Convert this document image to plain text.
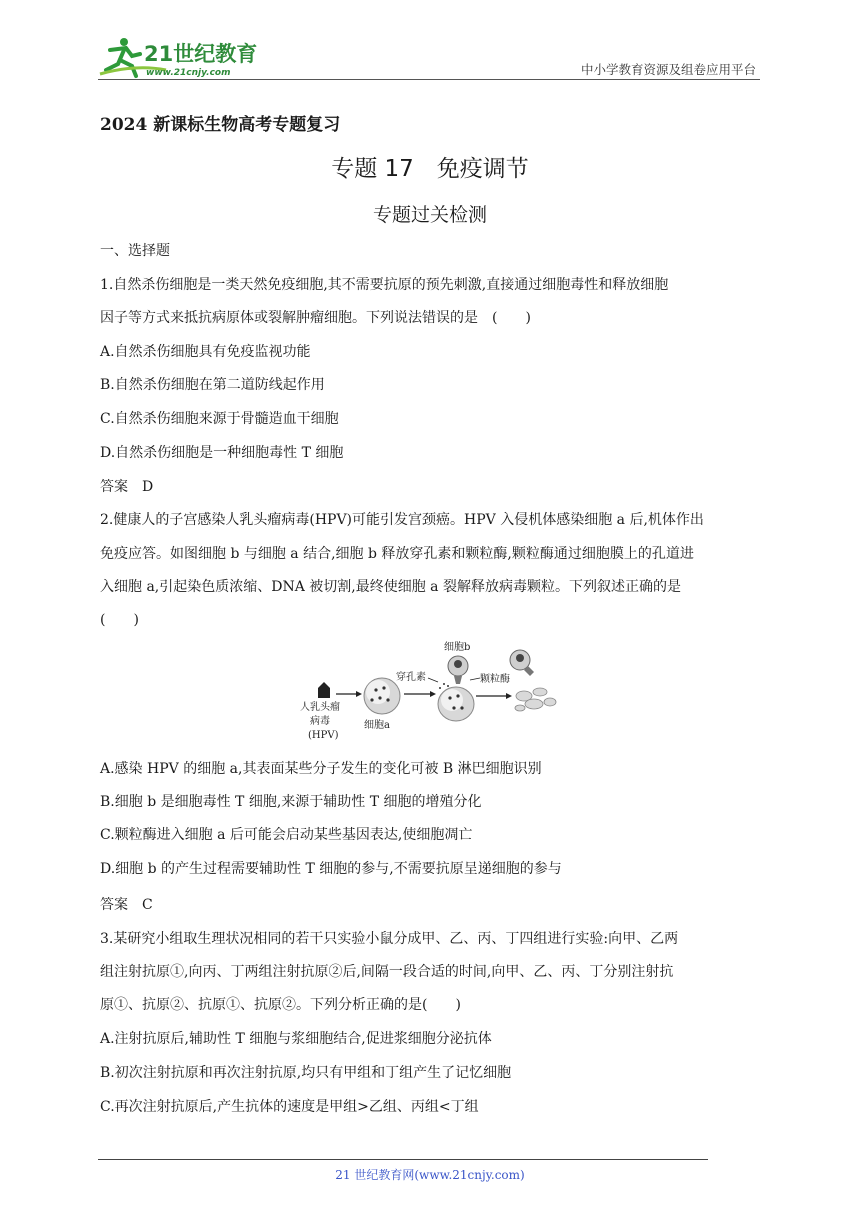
21世纪教育
www.21cnjy.com	中小学教育资源及组卷应用平台
2024 新课标生物高考专题复习
专题 17　免疫调节
专题过关检测
一、选择题
1.自然杀伤细胞是一类天然免疫细胞,其不需要抗原的预先刺激,直接通过细胞毒性和释放细胞
因子等方式来抵抗病原体或裂解肿瘤细胞。下列说法错误的是　(　　)
A.自然杀伤细胞具有免疫监视功能
B.自然杀伤细胞在第二道防线起作用
C.自然杀伤细胞来源于骨髓造血干细胞
D.自然杀伤细胞是一种细胞毒性 T 细胞
答案　D
2.健康人的子宫感染人乳头瘤病毒(HPV)可能引发宫颈癌。HPV 入侵机体感染细胞 a 后,机体作出
免疫应答。如图细胞 b 与细胞 a 结合,细胞 b 释放穿孔素和颗粒酶,颗粒酶通过细胞膜上的孔道进
入细胞 a,引起染色质浓缩、DNA 被切割,最终使细胞 a 裂解释放病毒颗粒。下列叙述正确的是
(　　)
人乳头瘤
病毒
(HPV)
细胞a
穿孔素
细胞b
颗粒酶
A.感染 HPV 的细胞 a,其表面某些分子发生的变化可被 B 淋巴细胞识别
B.细胞 b 是细胞毒性 T 细胞,来源于辅助性 T 细胞的增殖分化
C.颗粒酶进入细胞 a 后可能会启动某些基因表达,使细胞凋亡
D.细胞 b 的产生过程需要辅助性 T 细胞的参与,不需要抗原呈递细胞的参与
答案　C
3.某研究小组取生理状况相同的若干只实验小鼠分成甲、乙、丙、丁四组进行实验:向甲、乙两
组注射抗原①,向丙、丁两组注射抗原②后,间隔一段合适的时间,向甲、乙、丙、丁分别注射抗
原①、抗原②、抗原①、抗原②。下列分析正确的是(　　)
A.注射抗原后,辅助性 T 细胞与浆细胞结合,促进浆细胞分泌抗体
B.初次注射抗原和再次注射抗原,均只有甲组和丁组产生了记忆细胞
C.再次注射抗原后,产生抗体的速度是甲组>乙组、丙组<丁组
21 世纪教育网(www.21cnjy.com)
